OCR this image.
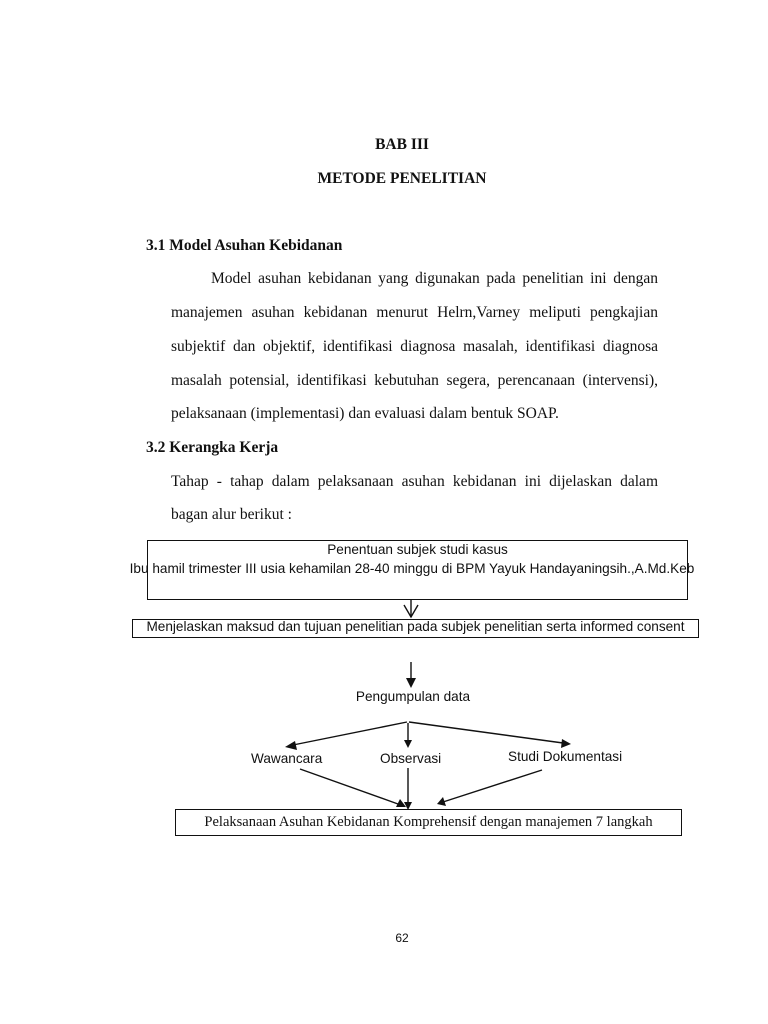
BAB III
METODE PENELITIAN
3.1 Model Asuhan Kebidanan
Model asuhan kebidanan yang digunakan pada penelitian ini dengan
manajemen asuhan kebidanan menurut Helrn,Varney meliputi pengkajian
subjektif dan objektif, identifikasi diagnosa masalah, identifikasi diagnosa
masalah potensial, identifikasi kebutuhan segera, perencanaan (intervensi),
pelaksanaan (implementasi) dan evaluasi dalam bentuk SOAP.
3.2 Kerangka Kerja
Tahap - tahap dalam pelaksanaan asuhan kebidanan ini dijelaskan dalam
bagan alur berikut :
Penentuan subjek studi kasus
Ibu hamil trimester III usia kehamilan 28-40 minggu di BPM Yayuk Handayaningsih.,A.Md.Keb
Menjelaskan maksud dan tujuan penelitian pada subjek penelitian serta informed consent
Pengumpulan data
Wawancara	Observasi	Studi Dokumentasi
Pelaksanaan Asuhan Kebidanan Komprehensif dengan manajemen 7 langkah
62
